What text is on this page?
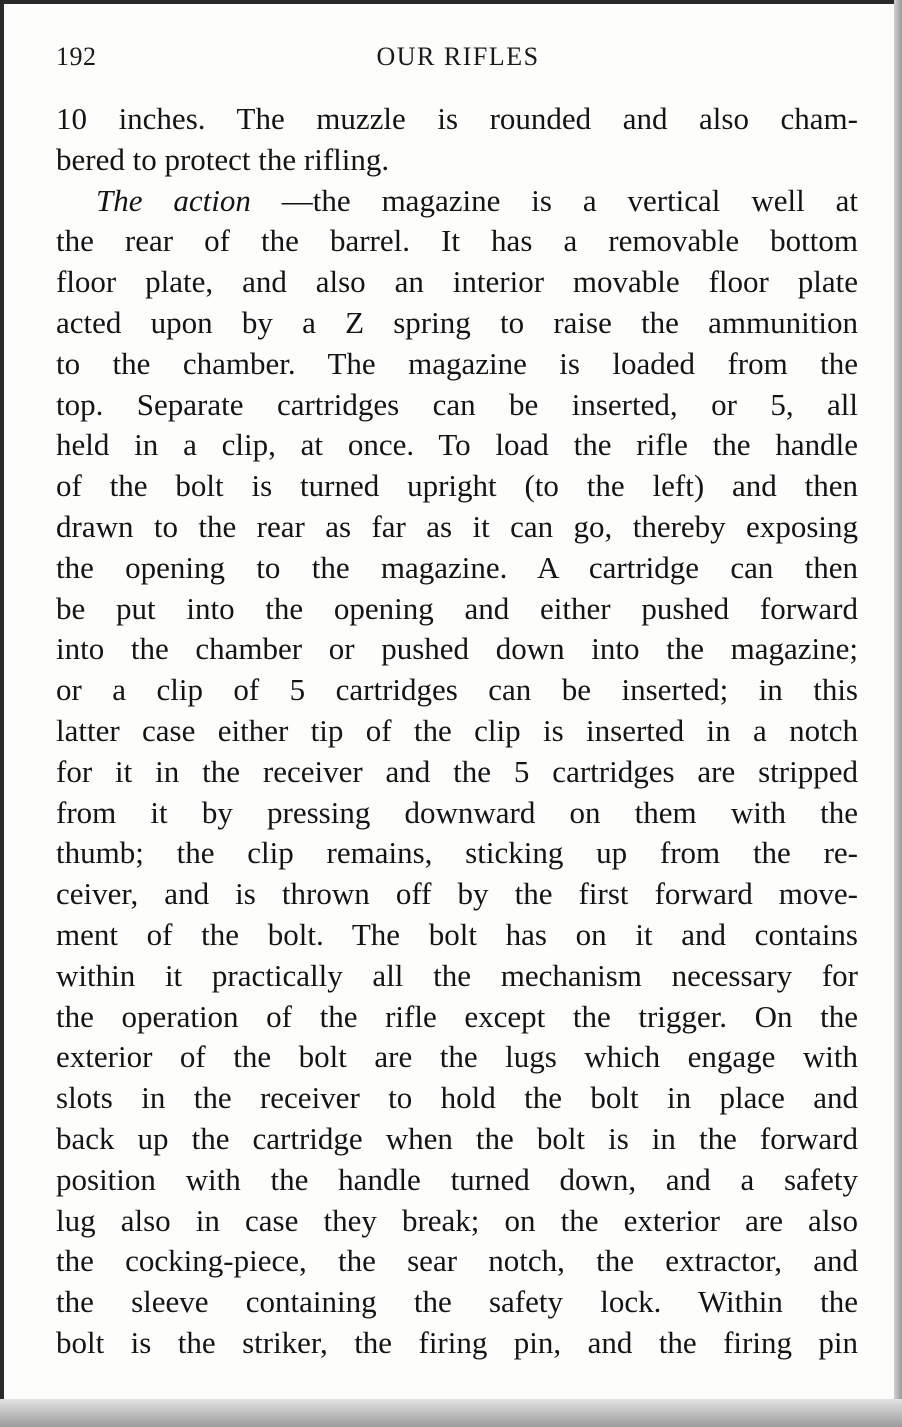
192	OUR RIFLES
10 inches. The muzzle is rounded and also cham-
bered to protect the rifling.
The action —the magazine is a vertical well at
the rear of the barrel. It has a removable bottom
floor plate, and also an interior movable floor plate
acted upon by a Z spring to raise the ammunition
to the chamber. The magazine is loaded from the
top. Separate cartridges can be inserted, or 5, all
held in a clip, at once. To load the rifle the handle
of the bolt is turned upright (to the left) and then
drawn to the rear as far as it can go, thereby exposing
the opening to the magazine. A cartridge can then
be put into the opening and either pushed forward
into the chamber or pushed down into the magazine;
or a clip of 5 cartridges can be inserted; in this
latter case either tip of the clip is inserted in a notch
for it in the receiver and the 5 cartridges are stripped
from it by pressing downward on them with the
thumb; the clip remains, sticking up from the re-
ceiver, and is thrown off by the first forward move-
ment of the bolt. The bolt has on it and contains
within it practically all the mechanism necessary for
the operation of the rifle except the trigger. On the
exterior of the bolt are the lugs which engage with
slots in the receiver to hold the bolt in place and
back up the cartridge when the bolt is in the forward
position with the handle turned down, and a safety
lug also in case they break; on the exterior are also
the cocking-piece, the sear notch, the extractor, and
the sleeve containing the safety lock. Within the
bolt is the striker, the firing pin, and the firing pin
